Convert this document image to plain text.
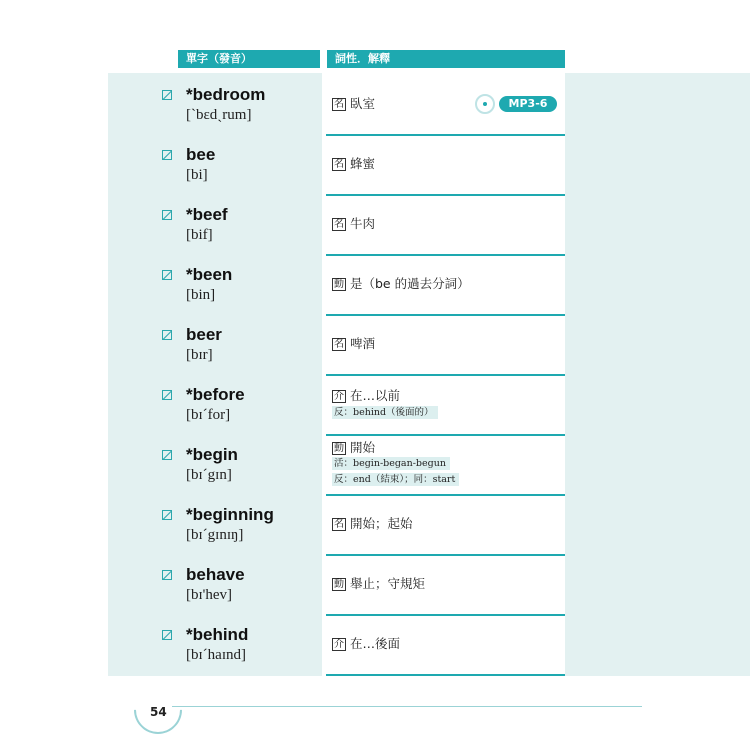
單字（發音）	詞性．解釋
*bedroom
[ˋbɛdˏrum]
名 臥室
bee
[bi]
名 蜂蜜
*beef
[bif]
名 牛肉
*been
[bin]
動 是（be 的過去分詞）
beer
[bɪr]
名 啤酒
*before
[bɪˊfor]
介 在…以前
反：behind（後面的）
*begin
[bɪˊgɪn]
動 開始
活：begin-began-begun
反：end（結束）；同：start
*beginning
[bɪˊgɪnɪŋ]
名 開始；起始
behave
[bɪ'hev]
動 舉止；守規矩
*behind
[bɪˊhaɪnd]
介 在…後面
MP3-6
54
